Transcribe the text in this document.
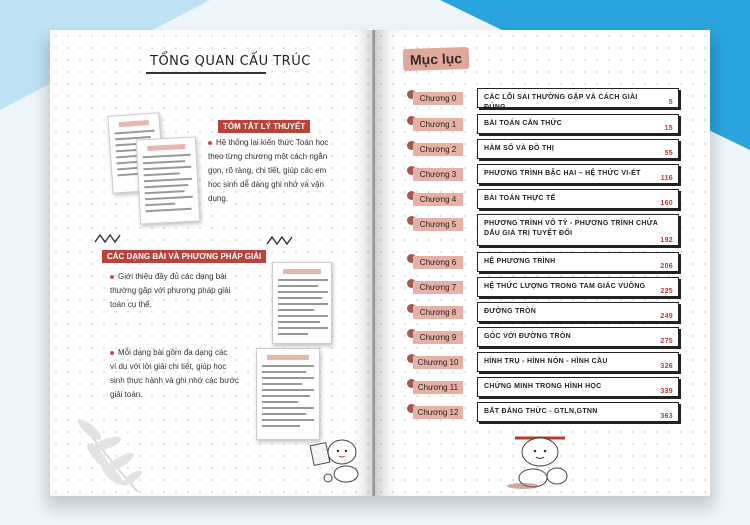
TỔNG QUAN CẤU TRÚC
TÓM TẮT LÝ THUYẾT
Hệ thống lại kiến thức Toán học
theo từng chương một cách ngắn
gọn, rõ ràng, chi tiết, giúp các em
học sinh dễ dàng ghi nhớ và vận
dụng.
CÁC DẠNG BÀI VÀ PHƯƠNG PHÁP GIẢI
Giới thiệu đầy đủ các dạng bài
thường gặp với phương pháp giải
toán cụ thể.
Mỗi dạng bài gồm đa dạng các
ví dụ với lời giải chi tiết, giúp học
sinh thực hành và ghi nhớ các bước
giải toán.
Mục lục
CÁC LỖI SAI THƯỜNG GẶP VÀ CÁCH GIẢI ĐÚNG
5
Chương 0
BÀI TOÁN CĂN THỨC
15
Chương 1
HÀM SỐ VÀ ĐỒ THỊ
55
Chương 2
PHƯƠNG TRÌNH BẬC HAI – HỆ THỨC VI-ÉT
116
Chương 3
BÀI TOÁN THỰC TẾ
160
Chương 4
PHƯƠNG TRÌNH VÔ TỶ - PHƯƠNG TRÌNH CHỨA DẤU GIÁ TRỊ TUYỆT ĐỐI
192
Chương 5
HỆ PHƯƠNG TRÌNH
206
Chương 6
HỆ THỨC LƯỢNG TRONG TAM GIÁC VUÔNG
225
Chương 7
ĐƯỜNG TRÒN
249
Chương 8
GÓC VỚI ĐƯỜNG TRÒN
275
Chương 9
HÌNH TRỤ - HÌNH NÓN - HÌNH CẦU
326
Chương 10
CHỨNG MINH TRONG HÌNH HỌC
339
Chương 11
BẤT ĐẲNG THỨC - GTLN,GTNN
363
Chương 12
